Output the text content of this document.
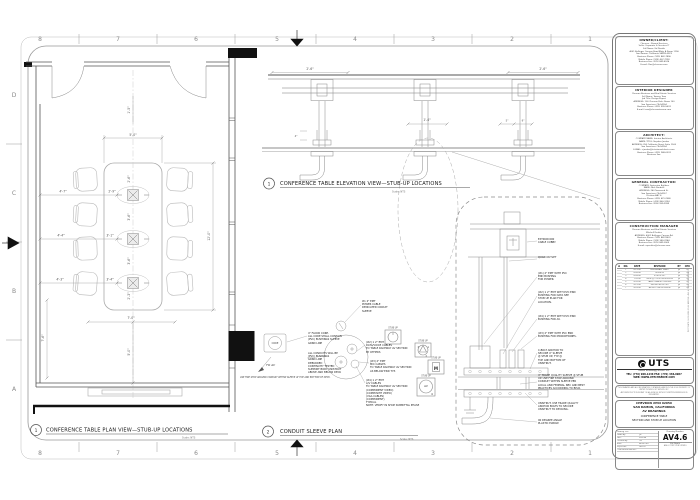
8	7	6	5	4	3	2	1
8	7	6	5	4	3	2	1
D
C
B
A
5'-0"
1'-5"
4'-7"	2'-9"
4'-4"	3'-1"
4'-3"	3'-4"
2'-6"
3'-6"
3'-6"
2'-3"
12'-0"
7'-0"
5'-0"
7'-6"
1 CONFERENCE TABLE PLAN VIEW—STUB-UP LOCATIONS
Scale: NTS
2'-6"	2'-6"
1'-4"	5"	9"
4"
1 CONFERENCE TABLE ELEVATION VIEW—STUB-UP LOCATIONS
Scale: NTS
STUB UP
STUB UP
STUB UP
STUB UP
3	1
2
M
AV
4
CORE
TO AV
2 CONDUIT SLEEVE PLAN
Scale: NTS
EXTRON 600
CABLE CUBBY.
QUAD OUTLET
(#1) 2" EMT WITH PVC
END BUSHING
FOR POWER.
(#2) 1 2" EMT WITH PVC END
BUSHING FOR DATA SEE
STUB UP PLAN FOR
LOCATION.
(#4) 1 2" EMT WITH PVC END
BUSHING FOR AV.
(#3) 2" EMT WITH PVC END
BUSHING FOR MICROPHONES.
C-BOLT ANCHOR TO
SECURE 4" SLEEVE
@ STUB UP, TYP @
TOP AND BOTTOM OF
UNISTRUT.
4" TRADE QUALITY SLEEVE @ STUB
UP. USE FIRE STOP AROUND
CONDUIT WITHIN SLEEVE PER
LOCAL AND FEDERAL NEC AND BEST
PRACTICES ACCORDING TO BISCI.
UNISTRUT. USE TRADE QUALITY
ANCHOR BOLTS TO SECURE
UNISTRUT TO DECKING.
90 DEGREE ANGLE
PLASTIC ELBOW.
#1 2" EMT
POWER CABLE
DEDICATED CIRCUIT
SLEEVE
4" FLOOR CORE.
ALL CORE SHALL CONTAIN
(PVC) BUSHINGS SLEEVE
GRND LINE
ALL CONDUITS WILL BE
(PVC) BUSHINGS
GRND LINE
DEBURRED
CONTINUITY TESTED
SUPPORT BODY UNISTRUT
ABOVE AND BELOW DECK
(#2) 1 2" EMT
DATA/VOICE CABLES
TO TABLE RACEWAY AV SECTION
BY OTHERS
(#3) 2" EMT
MIC CABLES
TO TABLE RACEWAY AV SECTION
AS BELOW END TYP.
(#4) 1 2" EMT
A/V CABLES
TO TABLE RACEWAY AV SECTION
(COMPONENT VIDEO)
(COMPOSITE VIDEO)
(VGA CABLES)
(COMPONENT)
TYPICAL
NOTE: VERIFY IN SHOP SUBMITTAL PHASE
USE FIRE STOP AROUND CONDUIT WITHIN SLEEVE AT TOP AND BOTTOM OF DECK.
OWNER/CLIENT:
Chevron - Shared Services
Seller Corporate & Services IT
Full Name: Ed Davids
4001 Bollinger Canyon Road Bldg. A Room 1156
San Ramon, California 94583-0923
Business Phone: (925) 842-7896
Mobile Phone: (925) 407-7228
Business Fax: (925) 842-4526
E-mail: Dav@chevron.com
INTERIOR DESIGNER
Chevron Business and Real Estate Services
Full Name: Tommy Tsao
Job Title: Design Expert
ADDRESS: 100 Chevron Park, Room 100
San Francisco, CA 94104
Business Phone: (415) 926-5674
E-mail: tsao@chevrontexaco.com
ARCHITECT:
COMPANY NAME: Interior Architects
NAME: TITLE: Stephen Jacobs
ADDRESS: 350 California Street Suite 1500
San Francisco, CA 94104
E-MAIL: s.jacobs@interiorarchitects.com
Business Phone: (415) 248-0374
Business Fax:
GENERAL CONTRACTOR:
COMPANY: Swinerton Builders
NAME: Nick Pandolfi
ADDRESS: 260 Townsend St.
San Francisco, CA 94107
Division ABC 4
Business Phone: (415) 421-2980
Mobile Phone: (415) 860-1234
Business Fax: (999) 999-9999
CONSTRUCTION MANAGER
Chevron Business and Real Estate Services
Mitchell Perkins
ADDRESS: 6001 Bollinger Canyon Rd.
Business Phone: (925) 842-5601
Mobile Phone: (925) 980-2244
Business Fax: (925) 842-0909
E-mail: mperkins@chevron.com
Δ	NO.	DATE	REVISION	BY	CHK
1	6-21-06	PRELIMINARY DRAFT	JM	CB
2	6-26-06	REVISION	JM	CB
3	6-28-06	STUB UP NO.	JM	CB
4	7-10-06	ISSUE @ CON STUB REVISION	JM	CB
5	8-10-06	TABLE CHANGE / REVISED	JM	CB
6	8-21-06	REVISED AS NOTED	JM	CB
7	8-29-06	AS BUILT DWGS REVIEW	JM	CB
UTS
United Technology Service, Inc.
TEL: (770) 908-1236 FAX: (770) 338-0987
WEB: WWW.UTECHSERVE.COM
THIS DRAWING AND ALL INFORMATION CONTAINED HEREON IS THE SOLE PROPERTY OF UNITED TECHNOLOGY SERVICE, INC.
ANY REPRODUCTION IN PART OR AS A WHOLE WITHOUT WRITTEN PERMISSION IS PROHIBITED.
CHEVRON #PDI 92056
SAN RAMON, CALIFORNIA
AV DRAWINGS
CONFERENCE TABLE
SECTION AND STUB UP LOCATION
Drawing Title:
Drawn By:	JM
Date:	8-29-06
Checked By:	CB
Scale:	AS NOTED
Project No.:	06-116
CONF-REVISION6 06-7
Drawing Number
AV4.6
File Name
AV4.6 CONF STUB UP.DWG
PLOT DATE: 8-29-2006 10:42 AM FILE: AV4.6 CONF STUB UP.DWG
